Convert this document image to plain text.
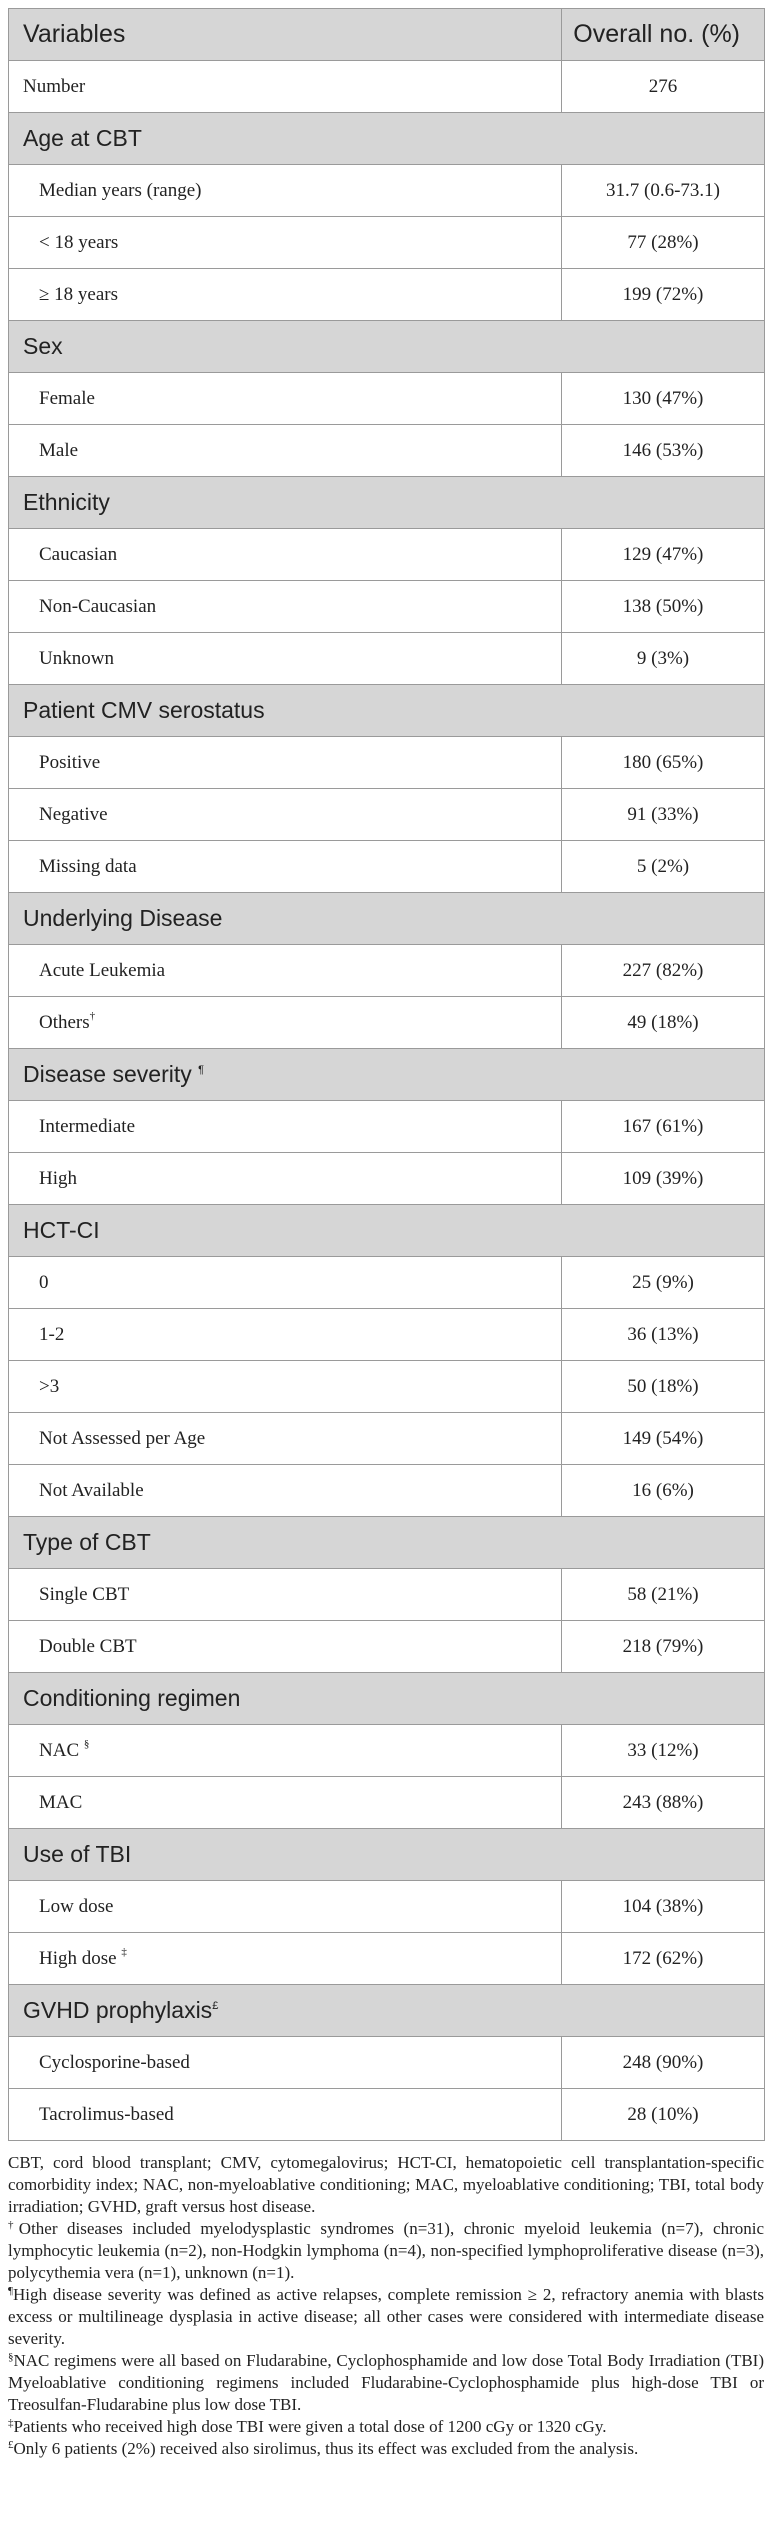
Variables	Overall no. (%)
Number	276
Age at CBT	
Median years (range)	31.7 (0.6-73.1)
< 18 years	77 (28%)
≥ 18 years	199 (72%)
Sex	
Female	130 (47%)
Male	146 (53%)
Ethnicity	
Caucasian	129 (47%)
Non-Caucasian	138 (50%)
Unknown	9 (3%)
Patient CMV serostatus	
Positive	180 (65%)
Negative	91 (33%)
Missing data	5 (2%)
Underlying Disease	
Acute Leukemia	227 (82%)
Others†	49 (18%)
Disease severity ¶
Intermediate	167 (61%)
High	109 (39%)
HCT-CI	
0	25 (9%)
1-2	36 (13%)
>3	50 (18%)
Not Assessed per Age	149 (54%)
Not Available	16 (6%)
Type of CBT	
Single CBT	58 (21%)
Double CBT	218 (79%)
Conditioning regimen	
NAC §	33 (12%)
MAC	243 (88%)
Use of TBI	
Low dose	104 (38%)
High dose ‡	172 (62%)
GVHD prophylaxis£
Cyclosporine-based	248 (90%)
Tacrolimus-based	28 (10%)

CBT, cord blood transplant; CMV, cytomegalovirus; HCT-CI, hematopoietic cell transplantation-specific comorbidity index; NAC, non-myeloablative conditioning; MAC, myeloablative conditioning; TBI, total body irradiation; GVHD, graft versus host disease.

†Other diseases included myelodysplastic syndromes (n=31), chronic myeloid leukemia (n=7), chronic lymphocytic leukemia (n=2), non-Hodgkin lymphoma (n=4), non-specified lymphoproliferative disease (n=3), polycythemia vera (n=1), unknown (n=1).

¶High disease severity was defined as active relapses, complete remission ≥ 2, refractory anemia with blasts excess or multilineage dysplasia in active disease; all other cases were considered with intermediate disease severity.

§NAC regimens were all based on Fludarabine, Cyclophosphamide and low dose Total Body Irradiation (TBI) Myeloablative conditioning regimens included Fludarabine-Cyclophosphamide plus high-dose TBI or Treosulfan-Fludarabine plus low dose TBI.

‡Patients who received high dose TBI were given a total dose of 1200 cGy or 1320 cGy.

£Only 6 patients (2%) received also sirolimus, thus its effect was excluded from the analysis.
